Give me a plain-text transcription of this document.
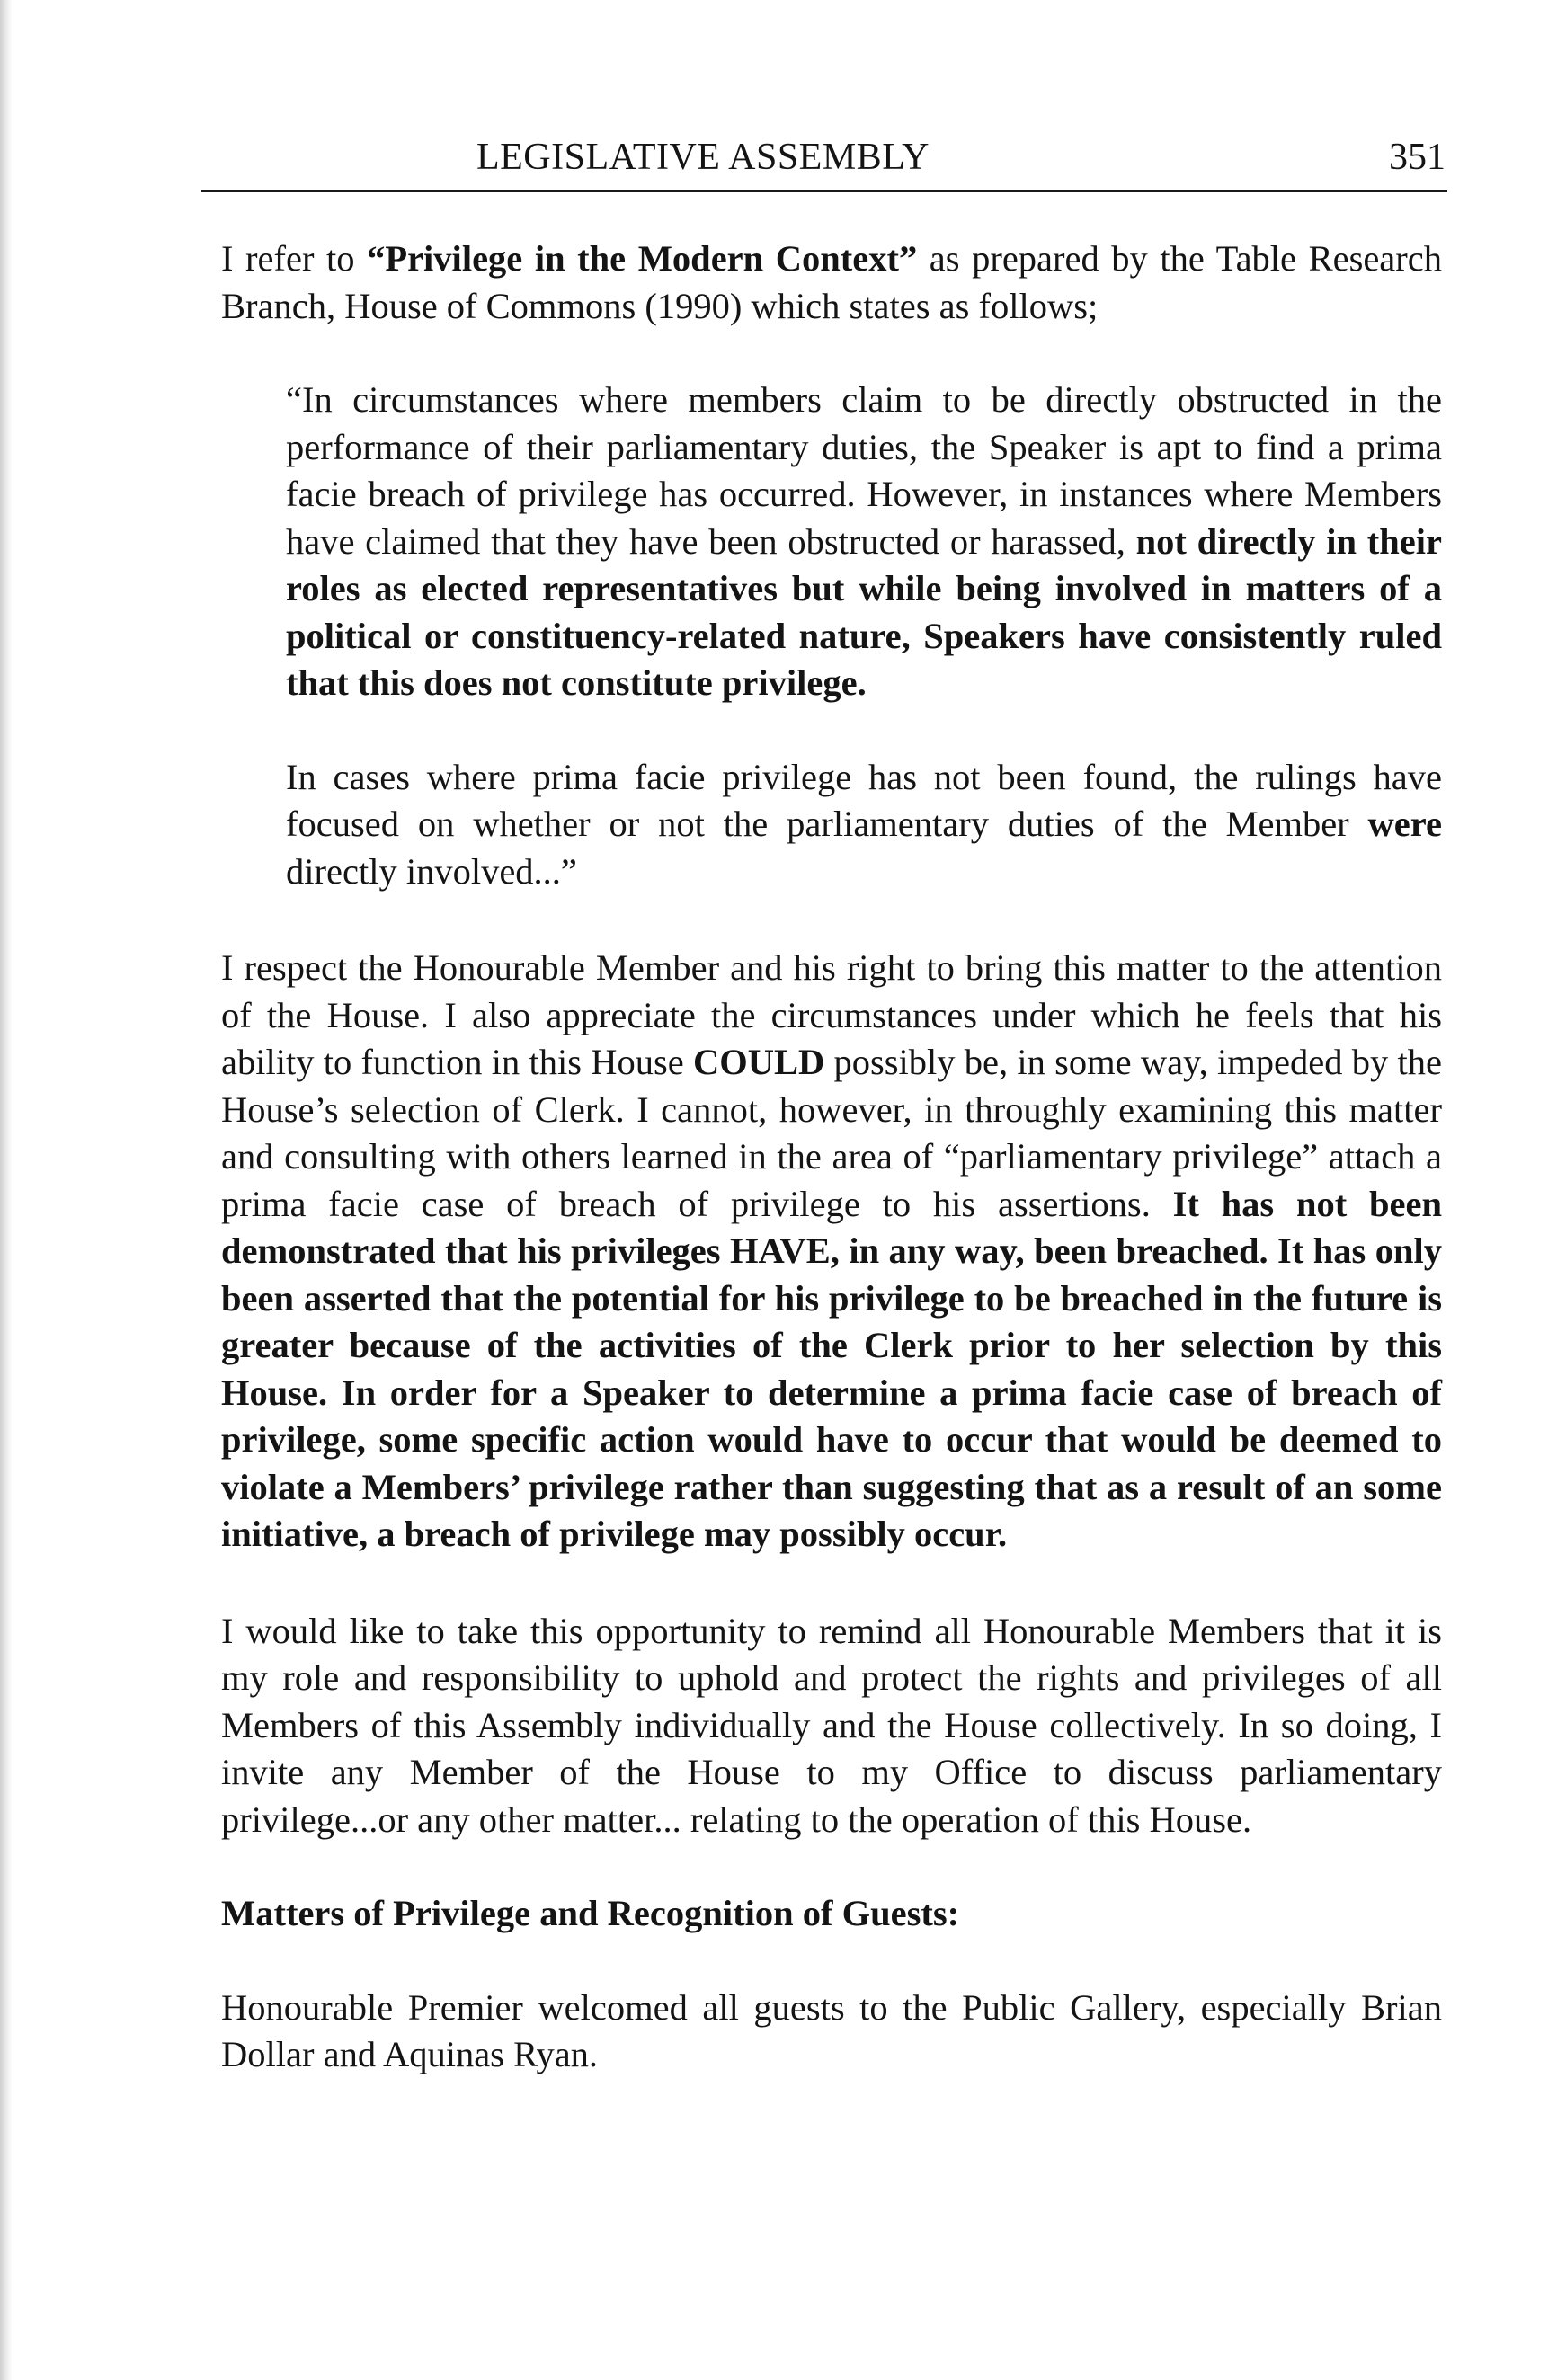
LEGISLATIVE ASSEMBLY	351

I refer to “Privilege in the Modern Context” as prepared by the Table Research Branch, House of Commons (1990) which states as follows;

“In circumstances where members claim to be directly obstructed in the performance of their parliamentary duties, the Speaker is apt to find a prima facie breach of privilege has occurred. However, in instances where Members have claimed that they have been obstructed or harassed, not directly in their roles as elected representatives but while being involved in matters of a political or constituency-related nature, Speakers have consistently ruled that this does not constitute privilege.

In cases where prima facie privilege has not been found, the rulings have focused on whether or not the parliamentary duties of the Member were directly involved...”

I respect the Honourable Member and his right to bring this matter to the attention of the House. I also appreciate the circumstances under which he feels that his ability to function in this House COULD possibly be, in some way, impeded by the House’s selection of Clerk. I cannot, however, in throughly examining this matter and consulting with others learned in the area of “parliamentary privilege” attach a prima facie case of breach of privilege to his assertions. It has not been demonstrated that his privileges HAVE, in any way, been breached. It has only been asserted that the potential for his privilege to be breached in the future is greater because of the activities of the Clerk prior to her selection by this House. In order for a Speaker to determine a prima facie case of breach of privilege, some specific action would have to occur that would be deemed to violate a Members’ privilege rather than suggesting that as a result of an some initiative, a breach of privilege may possibly occur.

I would like to take this opportunity to remind all Honourable Members that it is my role and responsibility to uphold and protect the rights and privileges of all Members of this Assembly individually and the House collectively. In so doing, I invite any Member of the House to my Office to discuss parliamentary privilege...or any other matter... relating to the operation of this House.

Matters of Privilege and Recognition of Guests:

Honourable Premier welcomed all guests to the Public Gallery, especially Brian Dollar and Aquinas Ryan.
